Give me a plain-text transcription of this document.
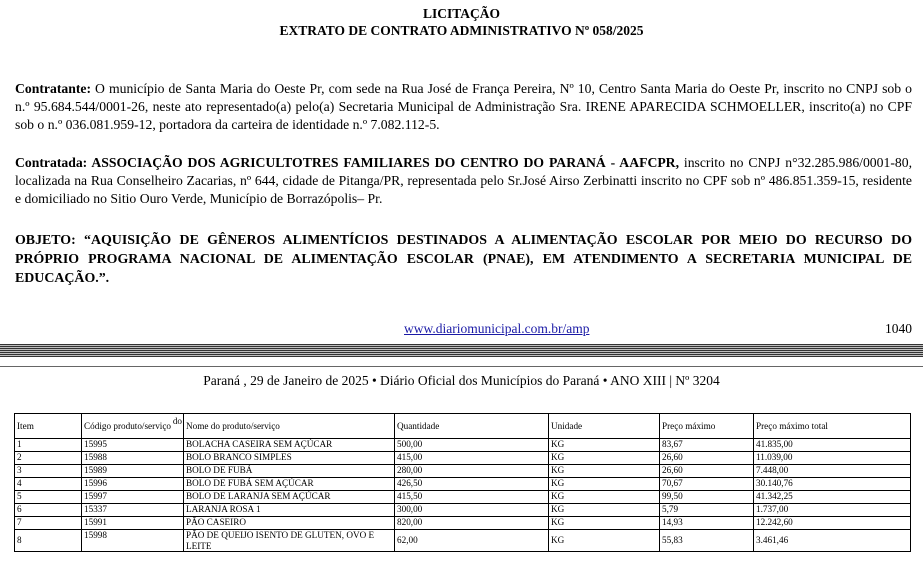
LICITAÇÃO
EXTRATO DE CONTRATO ADMINISTRATIVO Nº 058/2025

Contratante: O município de Santa Maria do Oeste Pr, com sede na Rua José de França Pereira, Nº 10, Centro Santa Maria do Oeste Pr, inscrito no CNPJ sob o n.º 95.684.544/0001-26, neste ato representado(a) pelo(a) Secretaria Municipal de Administração Sra. IRENE APARECIDA SCHMOELLER, inscrito(a) no CPF sob o n.º 036.081.959-12, portadora da carteira de identidade n.º 7.082.112-5.

Contratada: ASSOCIAÇÃO DOS AGRICULTOTRES FAMILIARES DO CENTRO DO PARANÁ - AAFCPR, inscrito no CNPJ n°32.285.986/0001-80, localizada na Rua Conselheiro Zacarias, nº 644, cidade de Pitanga/PR, representada pelo Sr.José Airso Zerbinatti inscrito no CPF sob nº 486.851.359-15, residente e domiciliado no Sitio Ouro Verde, Município de Borrazópolis– Pr.

OBJETO: “AQUISIÇÃO DE GÊNEROS ALIMENTÍCIOS DESTINADOS A ALIMENTAÇÃO ESCOLAR POR MEIO DO RECURSO DO PRÓPRIO PROGRAMA NACIONAL DE ALIMENTAÇÃO ESCOLAR (PNAE), EM ATENDIMENTO A SECRETARIA MUNICIPAL DE EDUCAÇÃO.”.

www.diariomunicipal.com.br/amp	1040
Paraná , 29 de Janeiro de 2025 • Diário Oficial dos Municípios do Paraná • ANO XIII | Nº 3204
Item	Código produto/serviço do	Nome do produto/serviço	Quantidade	Unidade	Preço máximo	Preço máximo total
1	15995	BOLACHA CASEIRA SEM AÇÚCAR	500,00	KG	83,67	41.835,00
2	15988	BOLO BRANCO SIMPLES	415,00	KG	26,60	11.039,00
3	15989	BOLO DE FUBÁ	280,00	KG	26,60	7.448,00
4	15996	BOLO DE FUBÁ SEM AÇÚCAR	426,50	KG	70,67	30.140,76
5	15997	BOLO DE LARANJA SEM AÇÚCAR	415,50	KG	99,50	41.342,25
6	15337	LARANJA ROSA 1	300,00	KG	5,79	1.737,00
7	15991	PÃO CASEIRO	820,00	KG	14,93	12.242,60
8	15998	PÃO DE QUEIJO ISENTO DE GLUTEN, OVO E LEITE	62,00	KG	55,83	3.461,46
